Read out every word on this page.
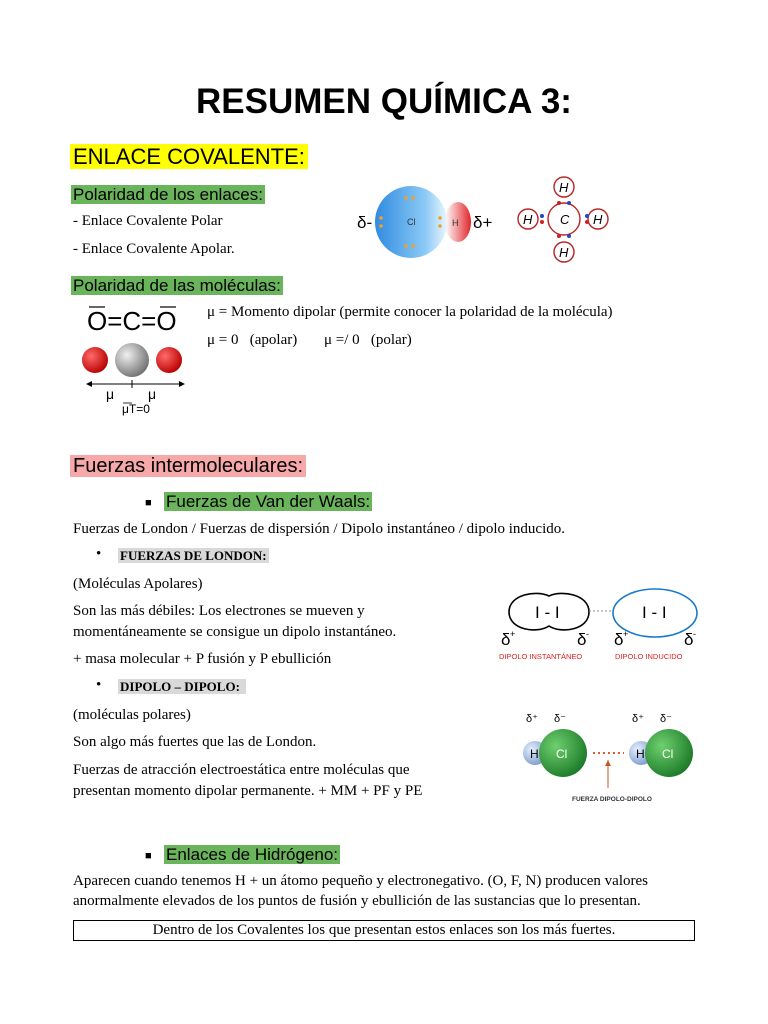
RESUMEN QUÍMICA 3:
ENLACE COVALENTE:
Polaridad de los enlaces:
- Enlace Covalente Polar
- Enlace Covalente Apolar.
Cl	H
δ-	δ+	C
H
H
H	H
Polaridad de las moléculas:
μ = Momento dipolar (permite conocer la polaridad de la molécula)
μ = 0   (apolar) μ =/ 0   (polar)
O=C=O
μ μ
μT=0
Fuerzas intermoleculares:
■ Fuerzas de Van der Waals:
Fuerzas de London / Fuerzas de dispersión / Dipolo instantáneo / dipolo inducido.
• FUERZAS DE LONDON:
(Moléculas Apolares)
Son las más débiles: Los electrones se mueven y momentáneamente se consigue un dipolo instantáneo.
+ masa molecular + P fusión y P ebullición
I - I	I - I
δ +	δ - δ +	δ -
DIPOLO INSTANTÁNEO	DIPOLO INDUCIDO
• DIPOLO – DIPOLO:
(moléculas polares)
Son algo más fuertes que las de London.
Fuerzas de atracción electroestática entre moléculas que presentan momento dipolar permanente. + MM + PF y PE
δ⁺ δ⁻	δ⁺ δ⁻
H Cl	H Cl
FUERZA DIPOLO-DIPOLO
■ Enlaces de Hidrógeno:
Aparecen cuando tenemos H + un átomo pequeño y electronegativo. (O, F, N) producen valores anormalmente elevados de los puntos de fusión y ebullición de las sustancias que lo presentan.
Dentro de los Covalentes los que presentan estos enlaces son los más fuertes.
